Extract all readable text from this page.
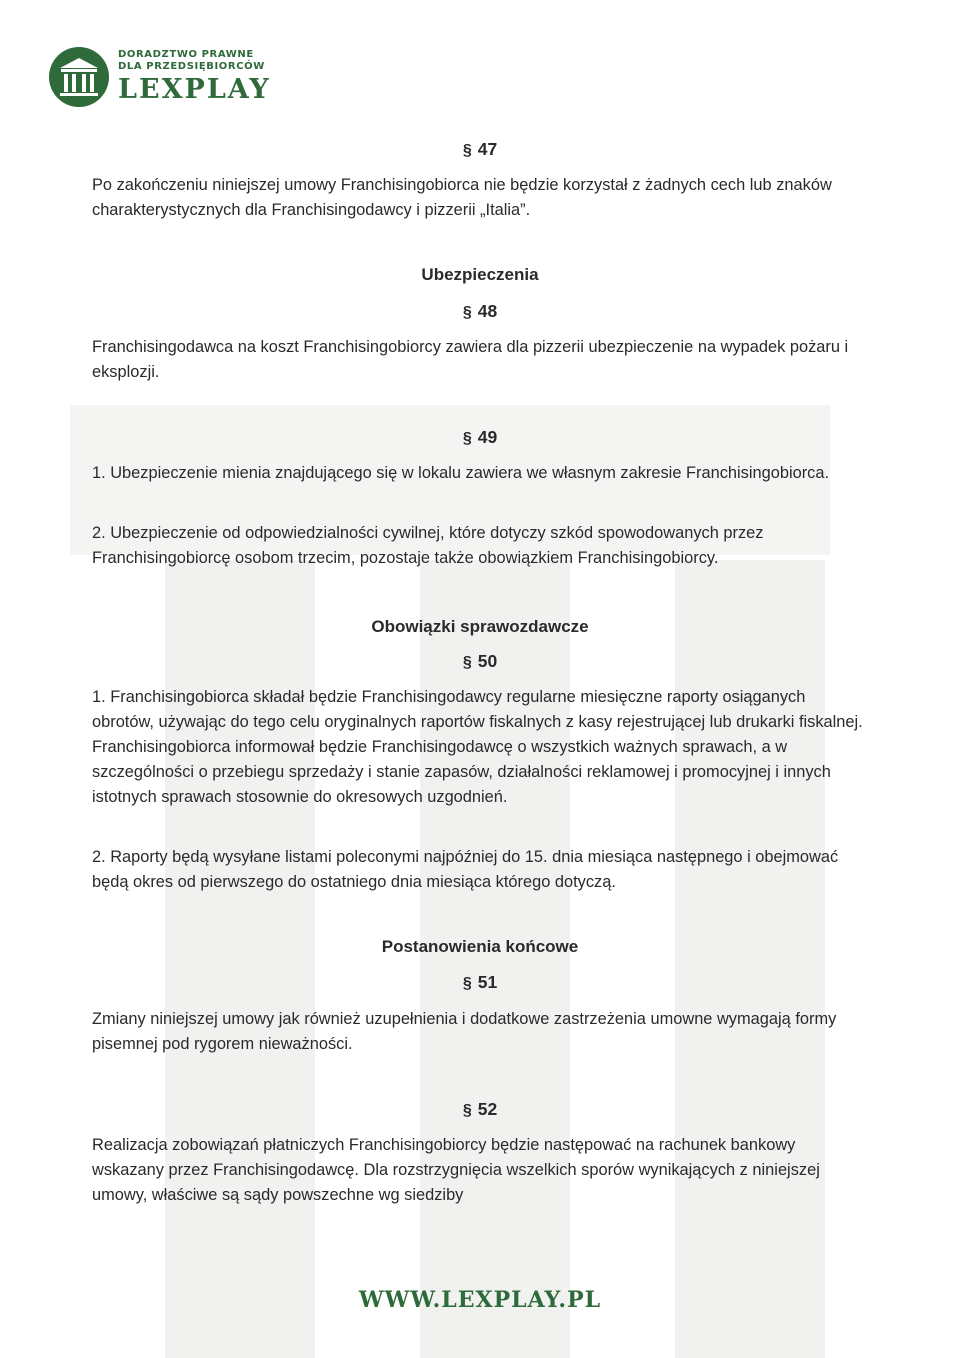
DORADZTWO PRAWNE
DLA PRZEDSIĘBIORCÓW
LEXPLAY
§ 47

Po zakończeniu niniejszej umowy Franchisingobiorca nie będzie korzystał z żadnych cech lub znaków charakterystycznych dla Franchisingodawcy i pizzerii „Italia”.

Ubezpieczenia
§ 48

Franchisingodawca na koszt Franchisingobiorcy zawiera dla pizzerii ubezpieczenie na wypadek pożaru i eksplozji.

§ 49

1. Ubezpieczenie mienia znajdującego się w lokalu zawiera we własnym zakresie Franchisingobiorca.

2. Ubezpieczenie od odpowiedzialności cywilnej, które dotyczy szkód spowodowanych przez Franchisingobiorcę osobom trzecim, pozostaje także obowiązkiem Franchisingobiorcy.

Obowiązki sprawozdawcze
§ 50

1. Franchisingobiorca składał będzie Franchisingodawcy regularne miesięczne raporty osiąganych obrotów, używając do tego celu oryginalnych raportów fiskalnych z kasy rejestrującej lub drukarki fiskalnej. Franchisingobiorca informował będzie Franchisingodawcę o wszystkich ważnych sprawach, a w szczególności o przebiegu sprzedaży i stanie zapasów, działalności reklamowej i promocyjnej i innych istotnych sprawach stosownie do okresowych uzgodnień.

2. Raporty będą wysyłane listami poleconymi najpóźniej do 15. dnia miesiąca następnego i obejmować będą okres od pierwszego do ostatniego dnia miesiąca którego dotyczą.

Postanowienia końcowe
§ 51

Zmiany niniejszej umowy jak również uzupełnienia i dodatkowe zastrzeżenia umowne wymagają formy pisemnej pod rygorem nieważności.

§ 52

Realizacja zobowiązań płatniczych Franchisingobiorcy będzie następować na rachunek bankowy wskazany przez Franchisingodawcę. Dla rozstrzygnięcia wszelkich sporów wynikających z niniejszej umowy, właściwe są sądy powszechne wg siedziby

WWW.LEXPLAY.PL
